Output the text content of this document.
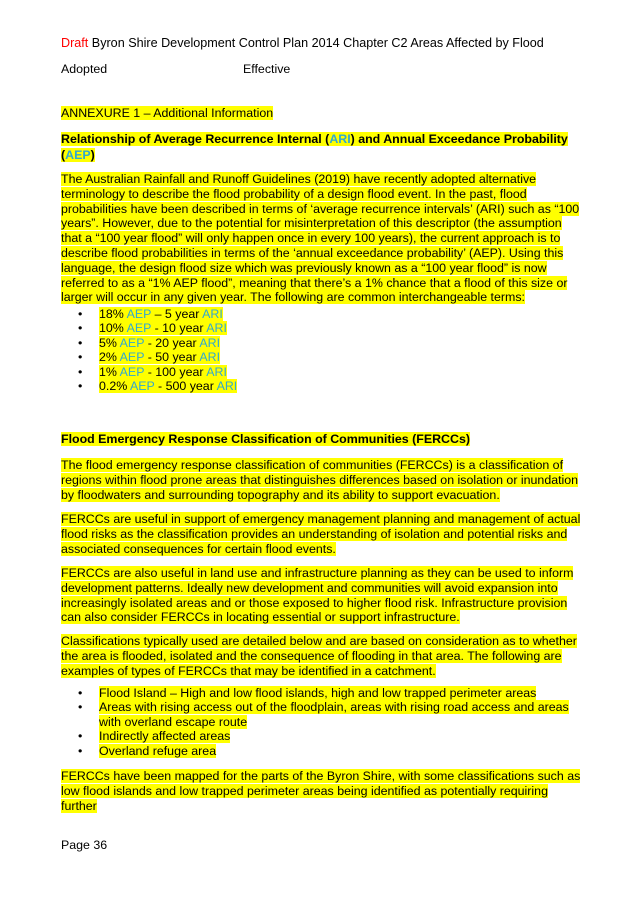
Draft Byron Shire Development Control Plan 2014 Chapter C2 Areas Affected by Flood
Adopted	Effective
ANNEXURE 1 – Additional Information
Relationship of Average Recurrence Internal (ARI) and Annual Exceedance Probability (AEP)

The Australian Rainfall and Runoff Guidelines (2019) have recently adopted alternative terminology to describe the flood probability of a design flood event. In the past, flood probabilities have been described in terms of ‘average recurrence intervals’ (ARI) such as “100 years”. However, due to the potential for misinterpretation of this descriptor (the assumption that a “100 year flood” will only happen once in every 100 years), the current approach is to describe flood probabilities in terms of the ‘annual exceedance probability’ (AEP). Using this language, the design flood size which was previously known as a “100 year flood” is now referred to as a “1% AEP flood”, meaning that there’s a 1% chance that a flood of this size or larger will occur in any given year. The following are common interchangeable terms:

• 18% AEP – 5 year ARI
• 10% AEP - 10 year ARI
• 5% AEP - 20 year ARI
• 2% AEP - 50 year ARI
• 1% AEP - 100 year ARI
• 0.2% AEP - 500 year ARI
Flood Emergency Response Classification of Communities (FERCCs)

The flood emergency response classification of communities (FERCCs) is a classification of regions within flood prone areas that distinguishes differences based on isolation or inundation by floodwaters and surrounding topography and its ability to support evacuation.

FERCCs are useful in support of emergency management planning and management of actual flood risks as the classification provides an understanding of isolation and potential risks and associated consequences for certain flood events.

FERCCs are also useful in land use and infrastructure planning as they can be used to inform development patterns. Ideally new development and communities will avoid expansion into increasingly isolated areas and or those exposed to higher flood risk. Infrastructure provision can also consider FERCCs in locating essential or support infrastructure.

Classifications typically used are detailed below and are based on consideration as to whether the area is flooded, isolated and the consequence of flooding in that area. The following are examples of types of FERCCs that may be identified in a catchment.

• Flood Island – High and low flood islands, high and low trapped perimeter areas
• Areas with rising access out of the floodplain, areas with rising road access and areas with overland escape route
• Indirectly affected areas
• Overland refuge area

FERCCs have been mapped for the parts of the Byron Shire, with some classifications such as low flood islands and low trapped perimeter areas being identified as potentially requiring further

Page 36
